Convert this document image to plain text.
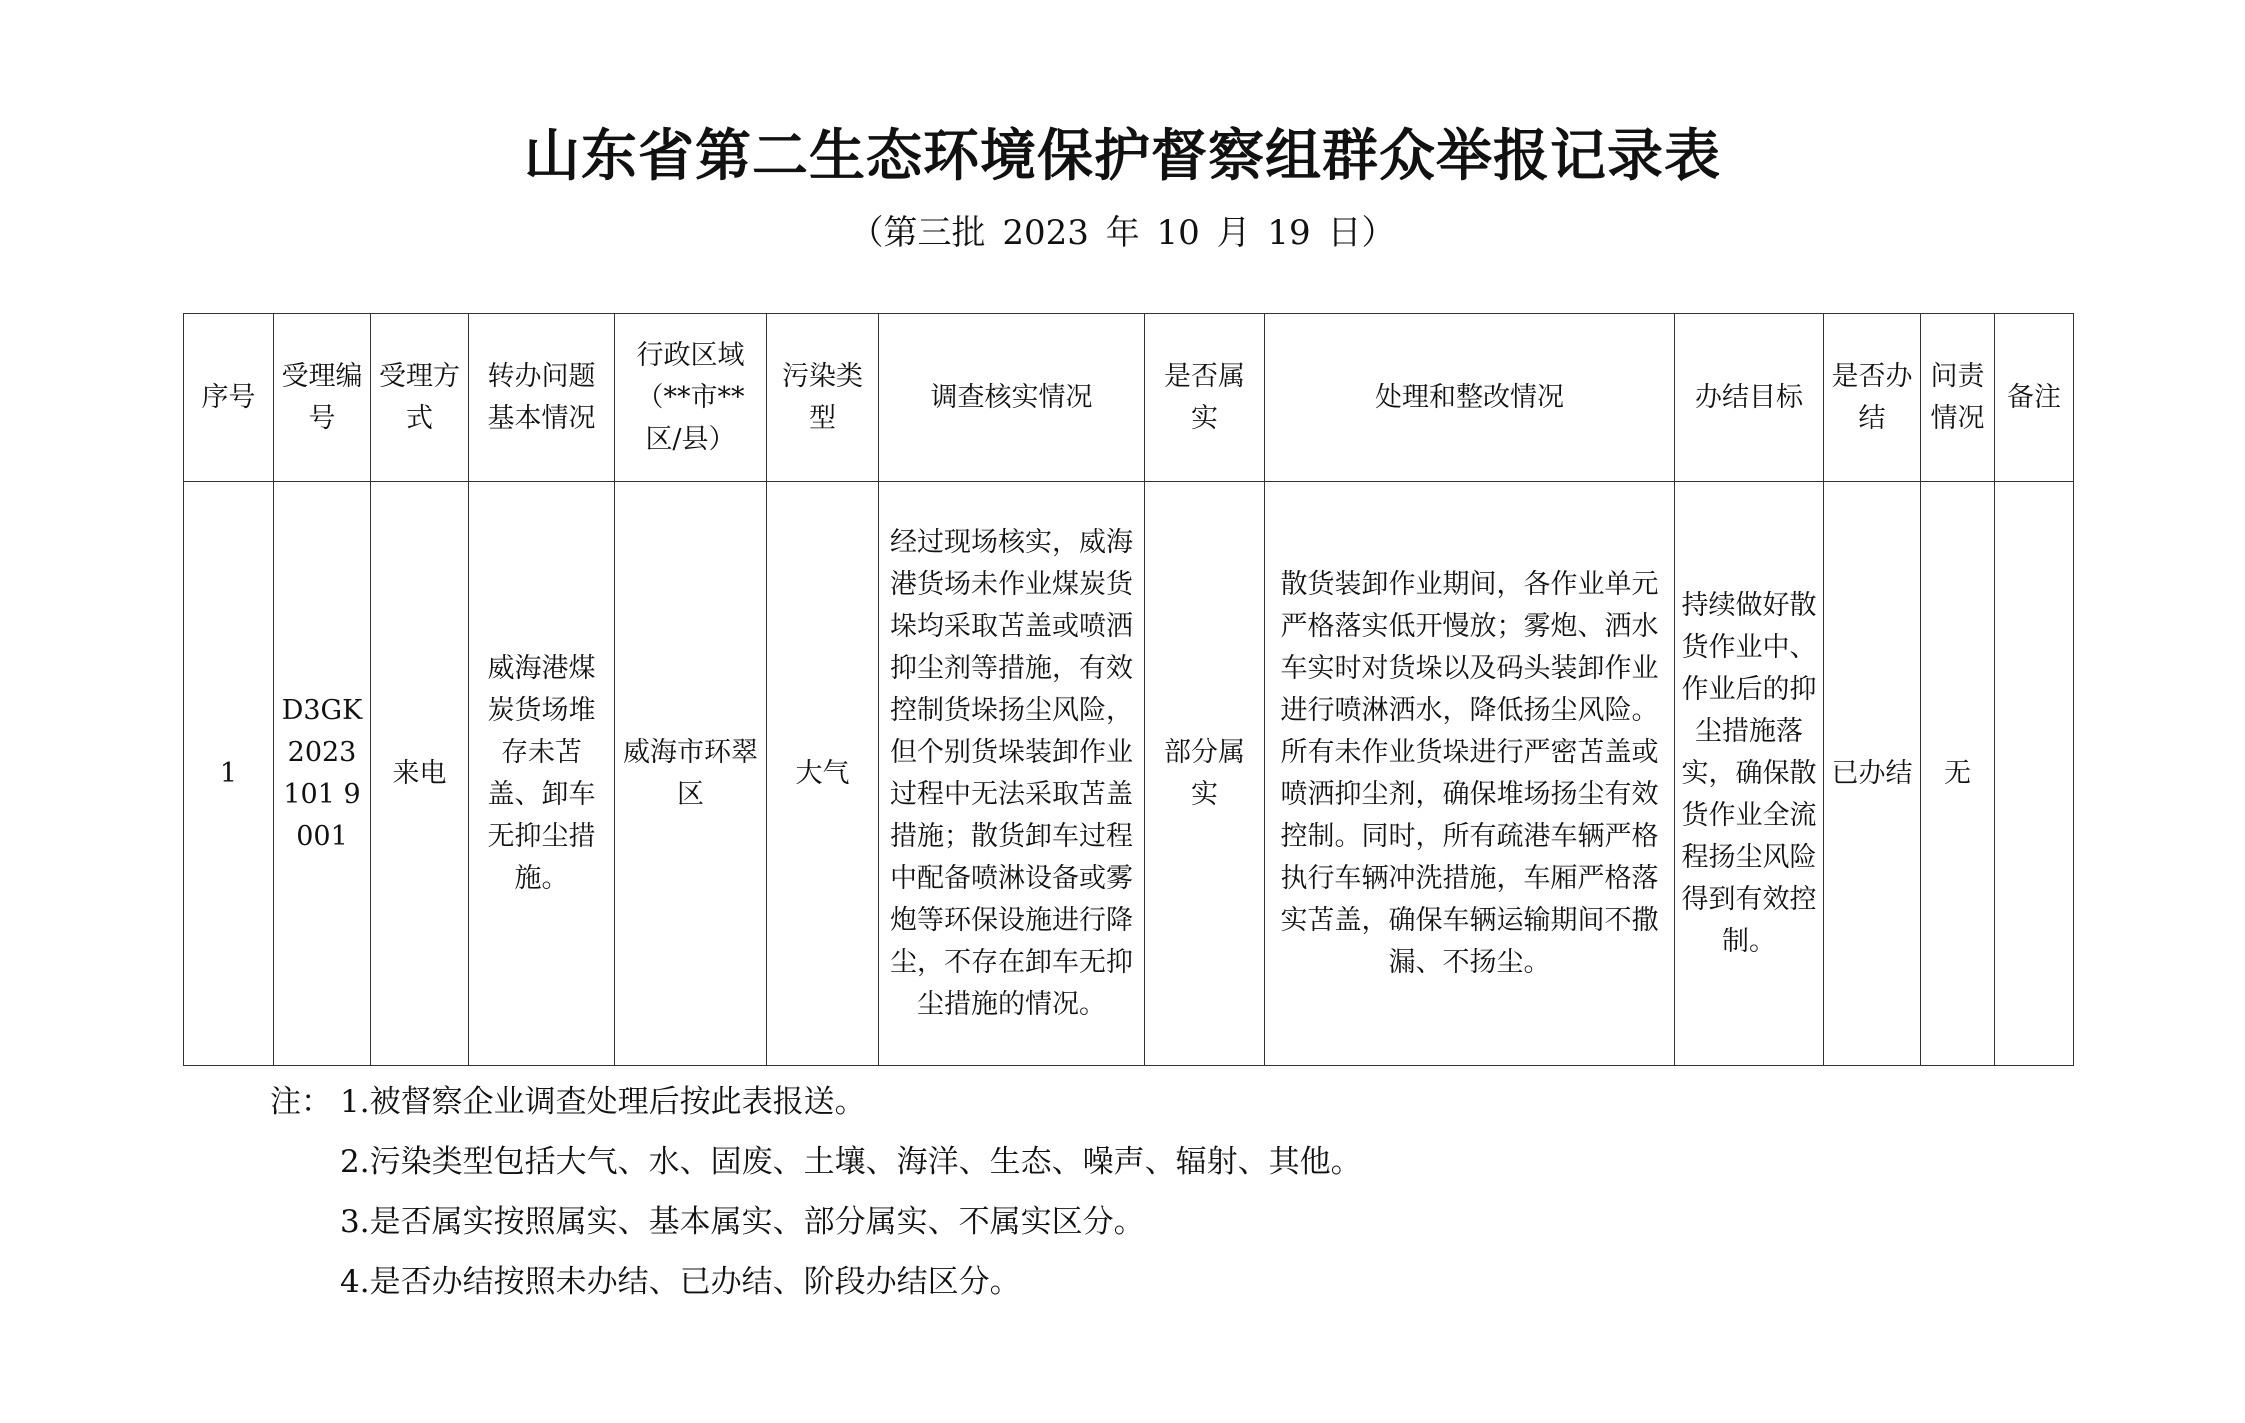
山东省第二生态环境保护督察组群众举报记录表
（第三批 2023 年 10 月 19 日）
序号	受理编号	受理方式	转办问题基本情况	行政区域（**市**区/县）	污染类型	调查核实情况	是否属实	处理和整改情况	办结目标	是否办结	问责情况	备注
1	D3GK2023101 9001	来电	威海港煤炭货场堆存未苫盖、卸车无抑尘措施。	威海市环翠区	大气	经过现场核实，威海港货场未作业煤炭货垛均采取苫盖或喷洒抑尘剂等措施，有效控制货垛扬尘风险，但个别货垛装卸作业过程中无法采取苫盖措施；散货卸车过程中配备喷淋设备或雾炮等环保设施进行降尘，不存在卸车无抑尘措施的情况。	部分属实	散货装卸作业期间，各作业单元严格落实低开慢放；雾炮、洒水车实时对货垛以及码头装卸作业进行喷淋洒水，降低扬尘风险。所有未作业货垛进行严密苫盖或喷洒抑尘剂，确保堆场扬尘有效控制。同时，所有疏港车辆严格执行车辆冲洗措施，车厢严格落实苫盖，确保车辆运输期间不撒漏、不扬尘。	持续做好散货作业中、作业后的抑尘措施落实，确保散货作业全流程扬尘风险得到有效控制。	已办结	无	
注： 1.被督察企业调查处理后按此表报送。
2.污染类型包括大气、水、固废、土壤、海洋、生态、噪声、辐射、其他。
3.是否属实按照属实、基本属实、部分属实、不属实区分。
4.是否办结按照未办结、已办结、阶段办结区分。
